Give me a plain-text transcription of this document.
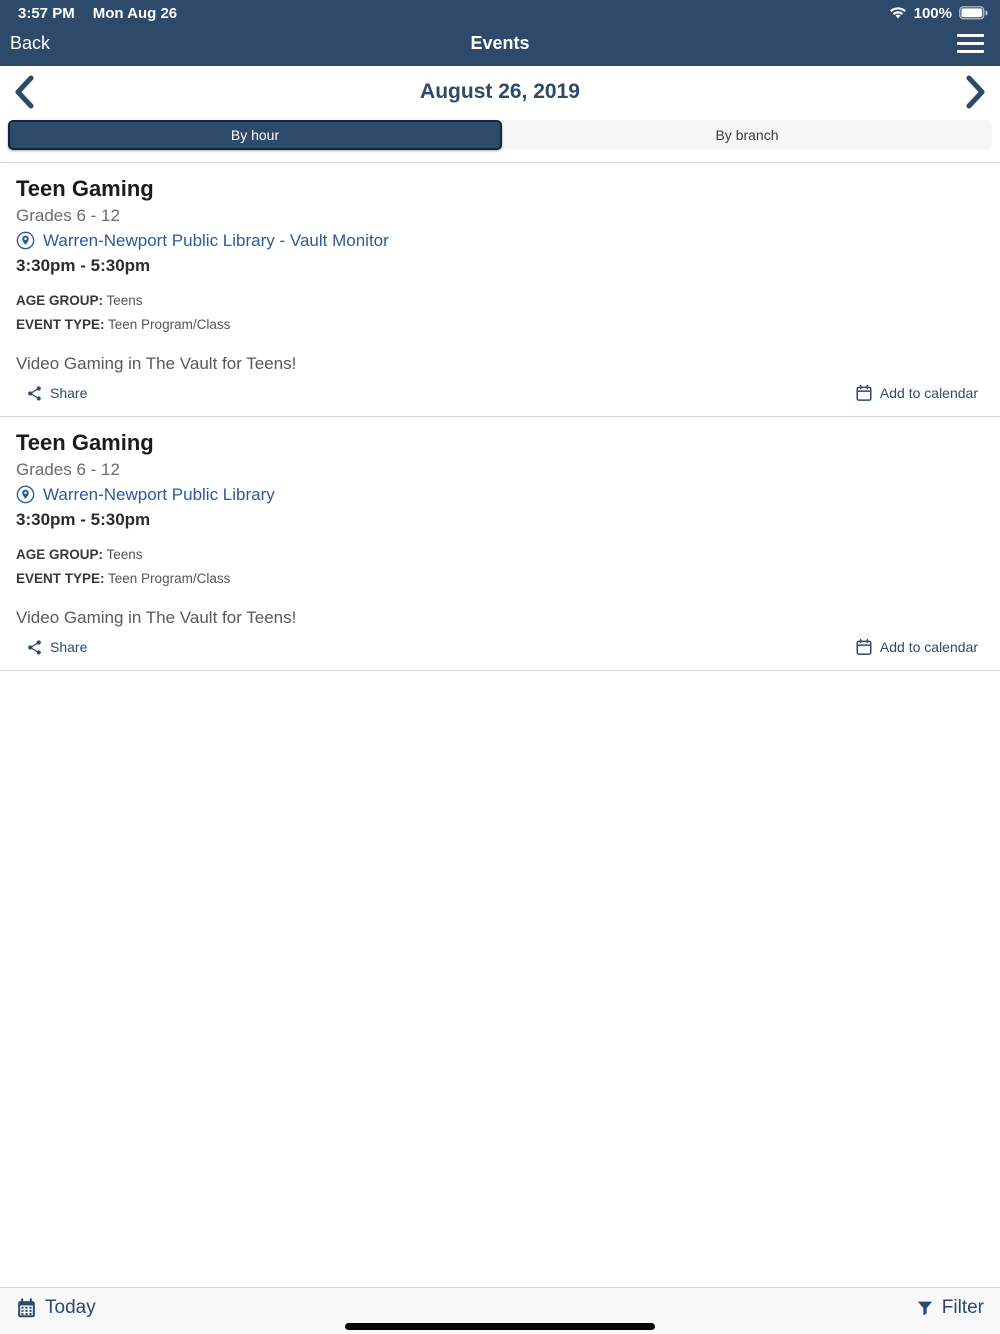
3:57 PM Mon Aug 26	100%
Back	Events
August 26, 2019
By hour	By branch
Teen Gaming
Grades 6 - 12
Warren-Newport Public Library - Vault Monitor
3:30pm - 5:30pm
AGE GROUP: Teens
EVENT TYPE: Teen Program/Class
Video Gaming in The Vault for Teens!
Share	Add to calendar
Teen Gaming
Grades 6 - 12
Warren-Newport Public Library
3:30pm - 5:30pm
AGE GROUP: Teens
EVENT TYPE: Teen Program/Class
Video Gaming in The Vault for Teens!
Share	Add to calendar
Today	Filter
